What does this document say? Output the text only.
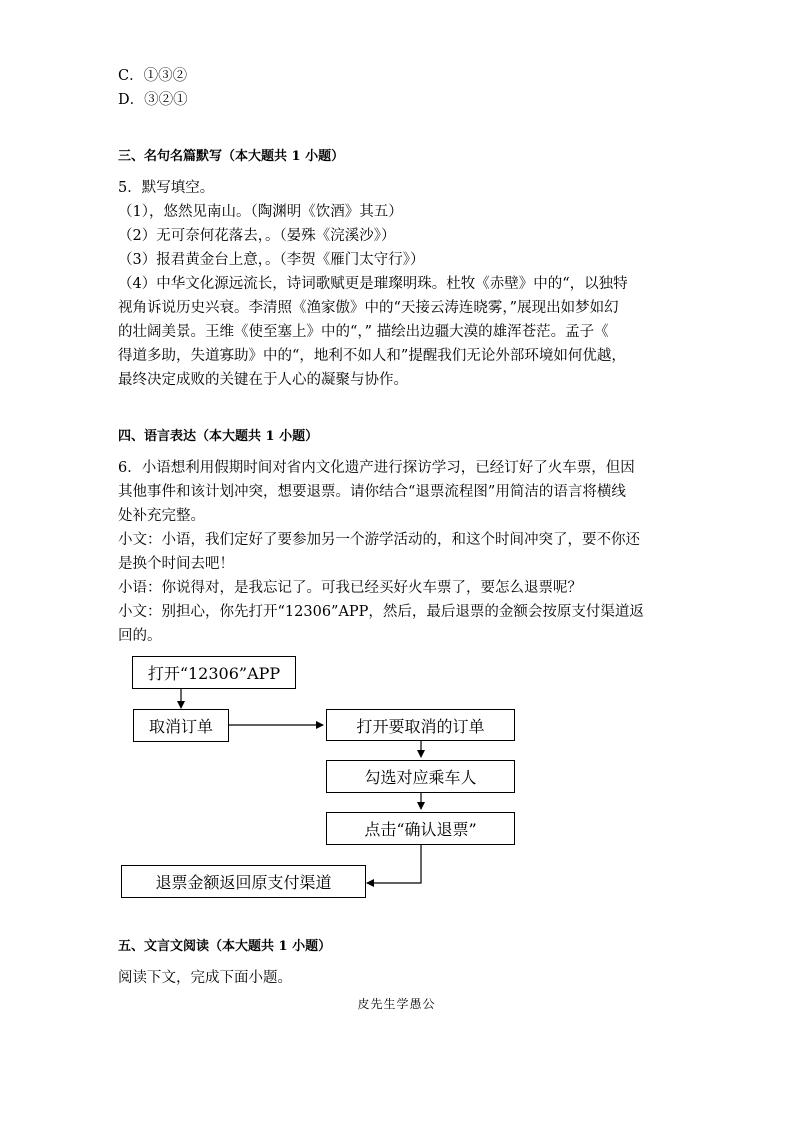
C．①③②
D．③②①
三、名句名篇默写（本大题共 1 小题）
5．默写填空。
（1），悠然见南山。（陶渊明《饮酒》其五）
（2）无可奈何花落去，。（晏殊《浣溪沙》）
（3）报君黄金台上意，。（李贺《雁门太守行》）
（4）中华文化源远流长，诗词歌赋更是璀璨明珠。杜牧《赤壁》中的“，以独特
视角诉说历史兴衰。李清照《渔家傲》中的“天接云涛连晓雾，”展现出如梦如幻
的壮阔美景。王维《使至塞上》中的“，” 描绘出边疆大漠的雄浑苍茫。孟子《
得道多助，失道寡助》中的“，地利不如人和”提醒我们无论外部环境如何优越，
最终决定成败的关键在于人心的凝聚与协作。
四、语言表达（本大题共 1 小题）
6．小语想利用假期时间对省内文化遗产进行探访学习，已经订好了火车票，但因
其他事件和该计划冲突，想要退票。请你结合“退票流程图”用简洁的语言将横线
处补充完整。
小文：小语，我们定好了要参加另一个游学活动的，和这个时间冲突了，要不你还
是换个时间去吧！
小语：你说得对，是我忘记了。可我已经买好火车票了，要怎么退票呢？
小文：别担心，你先打开“12306”APP，然后，最后退票的金额会按原支付渠道返
回的。
打开“12306”APP
取消订单	打开要取消的订单
勾选对应乘车人
点击“确认退票”
退票金额返回原支付渠道
五、文言文阅读（本大题共 1 小题）
阅读下文，完成下面小题。
皮先生学愚公
